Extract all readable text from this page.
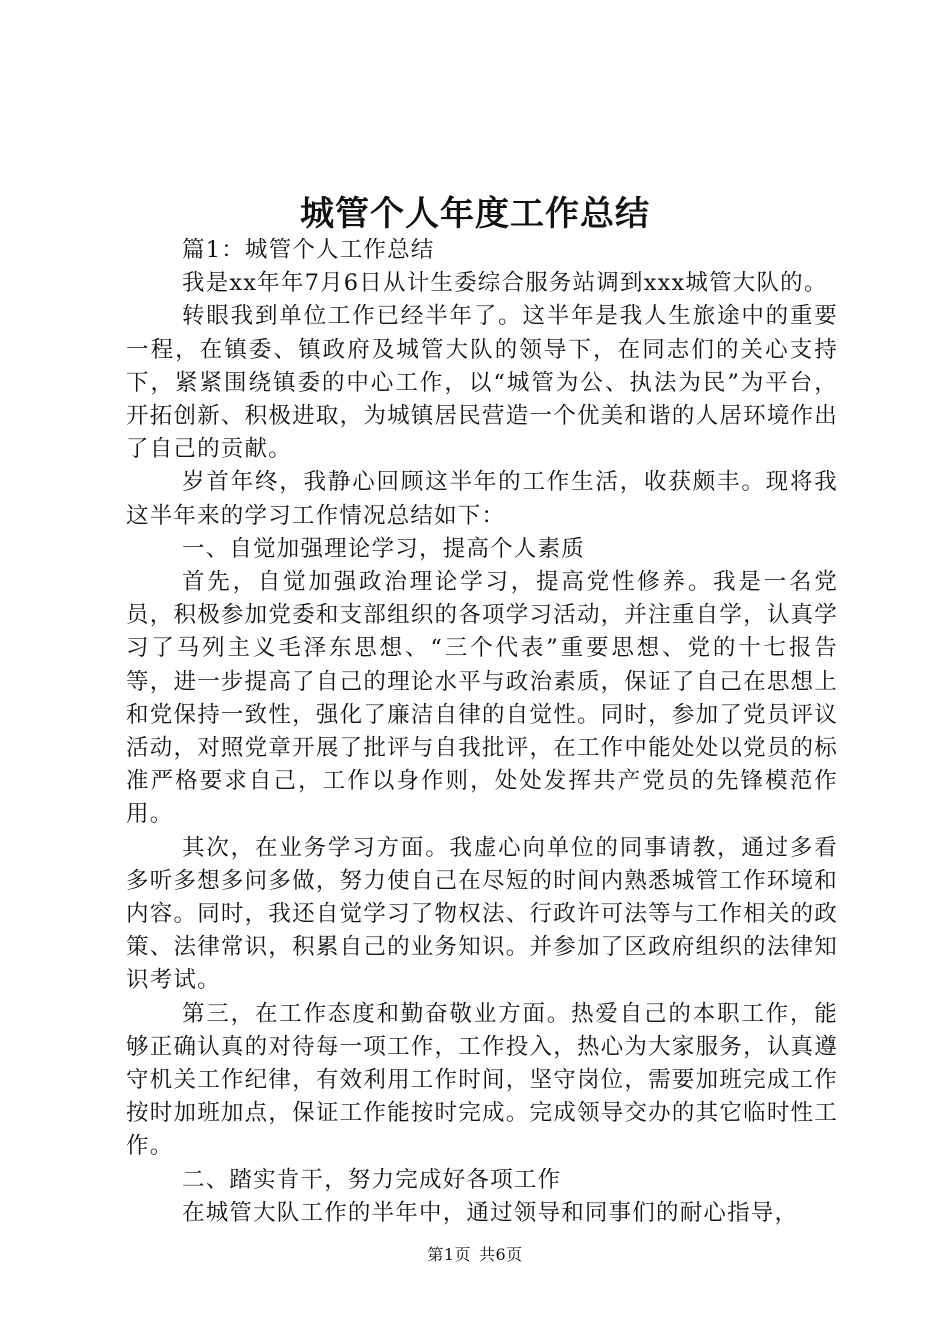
城管个人年度工作总结

篇1：城管个人工作总结

我是xx年年7月6日从计生委综合服务站调到xxx城管大队的。

转眼我到单位工作已经半年了。这半年是我人生旅途中的重要一程，在镇委、镇政府及城管大队的领导下，在同志们的关心支持下，紧紧围绕镇委的中心工作，以“城管为公、执法为民”为平台，开拓创新、积极进取，为城镇居民营造一个优美和谐的人居环境作出了自己的贡献。

岁首年终，我静心回顾这半年的工作生活，收获颇丰。现将我这半年来的学习工作情况总结如下：

一、自觉加强理论学习，提高个人素质

首先，自觉加强政治理论学习，提高党性修养。我是一名党员，积极参加党委和支部组织的各项学习活动，并注重自学，认真学习了马列主义毛泽东思想、“三个代表”重要思想、党的十七报告等，进一步提高了自己的理论水平与政治素质，保证了自己在思想上和党保持一致性，强化了廉洁自律的自觉性。同时，参加了党员评议活动，对照党章开展了批评与自我批评，在工作中能处处以党员的标准严格要求自己，工作以身作则，处处发挥共产党员的先锋模范作用。

其次，在业务学习方面。我虚心向单位的同事请教，通过多看多听多想多问多做，努力使自己在尽短的时间内熟悉城管工作环境和内容。同时，我还自觉学习了物权法、行政许可法等与工作相关的政策、法律常识，积累自己的业务知识。并参加了区政府组织的法律知识考试。

第三，在工作态度和勤奋敬业方面。热爱自己的本职工作，能够正确认真的对待每一项工作，工作投入，热心为大家服务，认真遵守机关工作纪律，有效利用工作时间，坚守岗位，需要加班完成工作按时加班加点，保证工作能按时完成。完成领导交办的其它临时性工作。

二、踏实肯干，努力完成好各项工作

在城管大队工作的半年中，通过领导和同事们的耐心指导，

第1页 共6页
